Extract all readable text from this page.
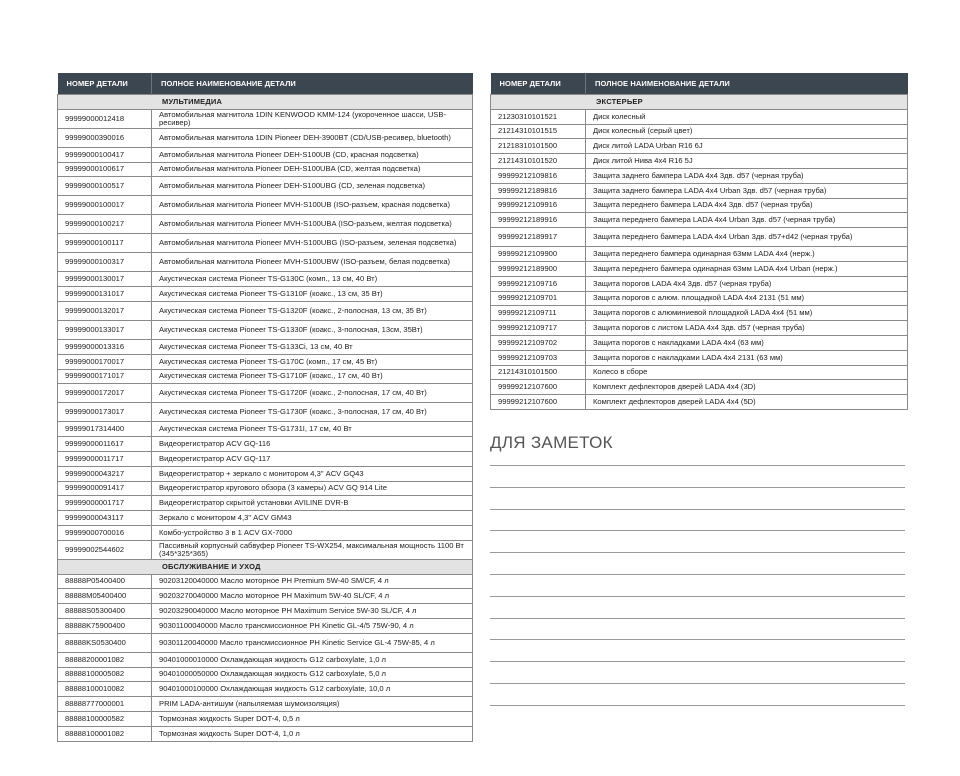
НОМЕР ДЕТАЛИ	ПОЛНОЕ НАИМЕНОВАНИЕ ДЕТАЛИ
МУЛЬТИМЕДИА	
99999000012418	Автомобильная магнитола 1DIN KENWOOD KMM-124 (укороченное шасси, USB-ресивер)
99999000390016	Автомобильная магнитола 1DIN Pioneer DEH-3900BT (CD/USB-ресивер, bluetooth)
99999000100417	Автомобильная магнитола Pioneer DEH-S100UB (CD, красная подсветка)
99999000100617	Автомобильная магнитола Pioneer DEH-S100UBA (CD, желтая подсветка)
99999000100517	Автомобильная магнитола Pioneer DEH-S100UBG (CD, зеленая подсветка)
99999000100017	Автомобильная магнитола Pioneer MVH-S100UB (ISO-разъем, красная подсветка)
99999000100217	Автомобильная магнитола Pioneer MVH-S100UBA (ISO-разъем, желтая подсветка)
99999000100117	Автомобильная магнитола Pioneer MVH-S100UBG (ISO-разъем, зеленая подсветка)
99999000100317	Автомобильная магнитола Pioneer MVH-S100UBW (ISO-разъем, белая подсветка)
99999000130017	Акустическая система Pioneer TS-G130C (комп., 13 см, 40 Вт)
99999000131017	Акустическая система Pioneer TS-G1310F (коакс., 13 см, 35 Вт)
99999000132017	Акустическая система Pioneer TS-G1320F (коакс., 2-полосная, 13 см, 35 Вт)
99999000133017	Акустическая система Pioneer TS-G1330F (коакс., 3-полосная, 13см, 35Вт)
99999000013316	Акустическая система Pioneer TS-G133Ci, 13 см, 40 Вт
99999000170017	Акустическая система Pioneer TS-G170C (комп., 17 см, 45 Вт)
99999000171017	Акустическая система Pioneer TS-G1710F (коакс., 17 см, 40 Вт)
99999000172017	Акустическая система Pioneer TS-G1720F (коакс., 2-полосная, 17 см, 40 Вт)
99999000173017	Акустическая система Pioneer TS-G1730F (коакс., 3-полосная, 17 см, 40 Вт)
99999017314400	Акустическая система Pioneer TS-G1731I, 17 см, 40 Вт
99999000011617	Видеорегистратор ACV GQ-116
99999000011717	Видеорегистратор ACV GQ-117
99999000043217	Видеорегистратор + зеркало с монитором 4,3" ACV GQ43
99999000091417	Видеорегистратор кругового обзора (3 камеры) ACV GQ 914 Lite
99999000001717	Видеорегистратор скрытой установки AVILINE DVR-B
99999000043117	Зеркало с монитором 4,3" ACV GM43
99999000700016	Комбо-устройство 3 в 1 ACV GX-7000
99999002544602	Пассивный корпусный сабвуфер Pioneer TS-WX254, максимальная мощность 1100 Вт (345*325*365)
ОБСЛУЖИВАНИЕ И УХОД	
88888P05400400	90203120040000 Масло моторное PH Premium 5W-40 SM/CF, 4 л
88888M05400400	90203270040000 Масло моторное PH Maximum 5W-40 SL/CF, 4 л
88888S05300400	90203290040000 Масло моторное PH Maximum Service 5W-30 SL/CF, 4 л
88888K75900400	90301100040000 Масло трансмиссионное PH Kinetic GL-4/5 75W-90, 4 л
88888KS0530400	90301120040000 Масло трансмиссионное PH Kinetic Service GL-4 75W-85, 4 л
88888200001082	90401000010000 Охлаждающая жидкость G12 carboxylate, 1,0 л
88888100005082	90401000050000 Охлаждающая жидкость G12 carboxylate, 5,0 л
88888100010082	90401000100000 Охлаждающая жидкость G12 carboxylate, 10,0 л
88888777000001	PRIM LADA-антишум (напыляемая шумоизоляция)
88888100000582	Тормозная жидкость Super DOT-4, 0,5 л
88888100001082	Тормозная жидкость Super DOT-4, 1,0 л
НОМЕР ДЕТАЛИ	ПОЛНОЕ НАИМЕНОВАНИЕ ДЕТАЛИ
ЭКСТЕРЬЕР	
21230310101521	Диск колесный
21214310101515	Диск колесный (серый цвет)
21218310101500	Диск литой LADA Urban R16 6J
21214310101520	Диск литой Нива 4x4 R16 5J
99999212109816	Защита заднего бампера LADA 4x4 3дв. d57 (черная труба)
99999212189816	Защита заднего бампера LADA 4x4 Urban 3дв. d57 (черная труба)
99999212109916	Защита переднего бампера LADA 4x4 3дв. d57 (черная труба)
99999212189916	Защита переднего бампера LADA 4x4 Urban 3дв. d57 (черная труба)
99999212189917	Защита переднего бампера LADA 4x4 Urban 3дв. d57+d42 (черная труба)
99999212109900	Защита переднего бампера одинарная 63мм LADA 4x4 (нерж.)
99999212189900	Защита переднего бампера одинарная 63мм LADA 4x4 Urban (нерж.)
99999212109716	Защита порогов LADA 4x4 3дв. d57 (черная труба)
99999212109701	Защита порогов с алюм. площадкой LADA 4x4 2131 (51 мм)
99999212109711	Защита порогов с алюминиевой площадкой LADA 4x4 (51 мм)
99999212109717	Защита порогов с листом LADA 4x4 3дв. d57 (черная труба)
99999212109702	Защита порогов с накладками LADA 4x4 (63 мм)
99999212109703	Защита порогов с накладками LADA 4x4 2131 (63 мм)
21214310101500	Колесо в сборе
99999212107600	Комплект дефлекторов дверей LADA 4x4 (3D)
99999212107600	Комплект дефлекторов дверей LADA 4x4 (5D)
ДЛЯ ЗАМЕТОК
